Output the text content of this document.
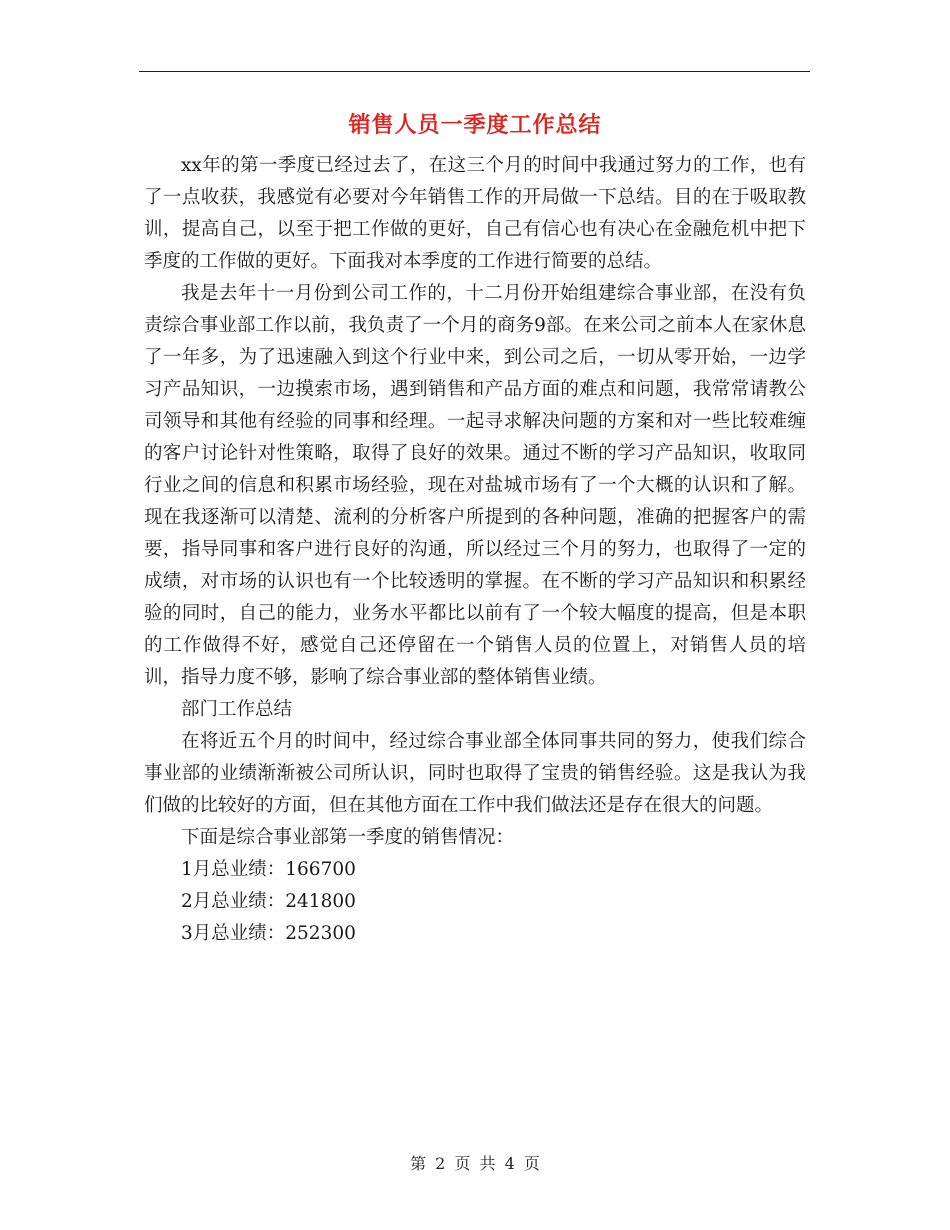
销售人员一季度工作总结

xx年的第一季度已经过去了，在这三个月的时间中我通过努力的工作，也有了一点收获，我感觉有必要对今年销售工作的开局做一下总结。目的在于吸取教训，提高自己，以至于把工作做的更好，自己有信心也有决心在金融危机中把下季度的工作做的更好。下面我对本季度的工作进行简要的总结。

我是去年十一月份到公司工作的，十二月份开始组建综合事业部，在没有负责综合事业部工作以前，我负责了一个月的商务9部。在来公司之前本人在家休息了一年多，为了迅速融入到这个行业中来，到公司之后，一切从零开始，一边学习产品知识，一边摸索市场，遇到销售和产品方面的难点和问题，我常常请教公司领导和其他有经验的同事和经理。一起寻求解决问题的方案和对一些比较难缠的客户讨论针对性策略，取得了良好的效果。通过不断的学习产品知识，收取同行业之间的信息和积累市场经验，现在对盐城市场有了一个大概的认识和了解。现在我逐渐可以清楚、流利的分析客户所提到的各种问题，准确的把握客户的需要，指导同事和客户进行良好的沟通，所以经过三个月的努力，也取得了一定的成绩，对市场的认识也有一个比较透明的掌握。在不断的学习产品知识和积累经验的同时，自己的能力，业务水平都比以前有了一个较大幅度的提高，但是本职的工作做得不好，感觉自己还停留在一个销售人员的位置上，对销售人员的培训，指导力度不够，影响了综合事业部的整体销售业绩。

部门工作总结

在将近五个月的时间中，经过综合事业部全体同事共同的努力，使我们综合事业部的业绩渐渐被公司所认识，同时也取得了宝贵的销售经验。这是我认为我们做的比较好的方面，但在其他方面在工作中我们做法还是存在很大的问题。

下面是综合事业部第一季度的销售情况：

1月总业绩：166700

2月总业绩：241800

3月总业绩：252300

第 2 页 共 4 页
